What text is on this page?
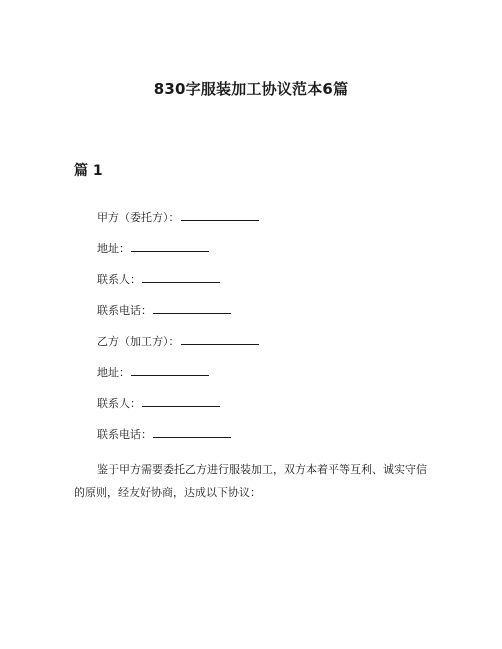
830字服装加工协议范本6篇
篇 1
甲方（委托方）：
地址：
联系人：
联系电话：
乙方（加工方）：
地址：
联系人：
联系电话：
鉴于甲方需要委托乙方进行服装加工，双方本着平等互利、诚实守信的原则，经友好协商，达成以下协议：
